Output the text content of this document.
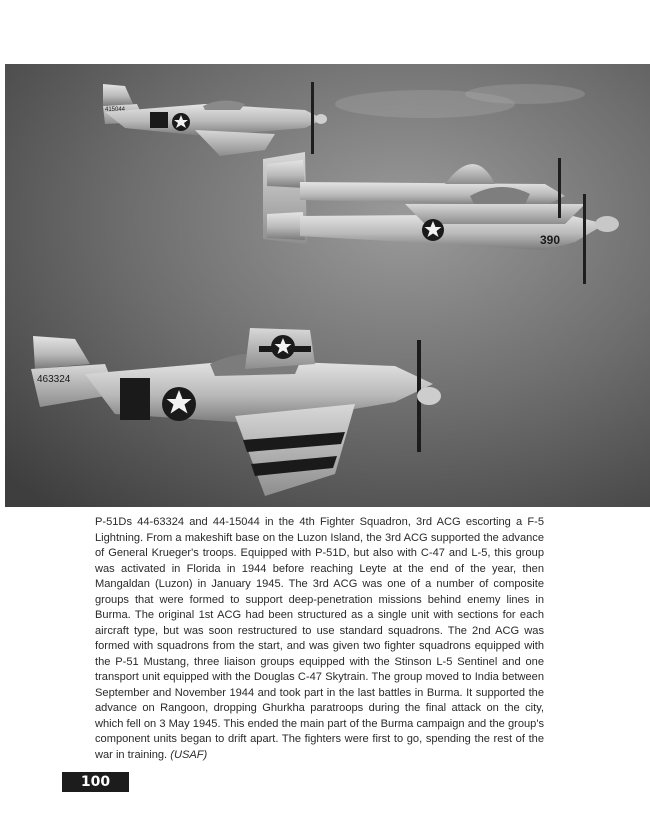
415044
390
463324

P-51Ds 44-63324 and 44-15044 in the 4th Fighter Squadron, 3rd ACG escorting a F-5 Lightning. From a makeshift base on the Luzon Island, the 3rd ACG supported the advance of General Krueger's troops. Equipped with P-51D, but also with C-47 and L-5, this group was activated in Florida in 1944 before reaching Leyte at the end of the year, then Mangaldan (Luzon) in January 1945. The 3rd ACG was one of a number of composite groups that were formed to support deep-penetration missions behind enemy lines in Burma. The original 1st ACG had been structured as a single unit with sections for each aircraft type, but was soon restructured to use standard squadrons. The 2nd ACG was formed with squadrons from the start, and was given two fighter squadrons equipped with the P-51 Mustang, three liaison groups equipped with the Stinson L-5 Sentinel and one transport unit equipped with the Douglas C-47 Skytrain. The group moved to India between September and November 1944 and took part in the last battles in Burma. It supported the advance on Rangoon, dropping Ghurkha paratroops during the final attack on the city, which fell on 3 May 1945. This ended the main part of the Burma campaign and the group's component units began to drift apart. The fighters were first to go, spending the rest of the war in training. (USAF)

100
